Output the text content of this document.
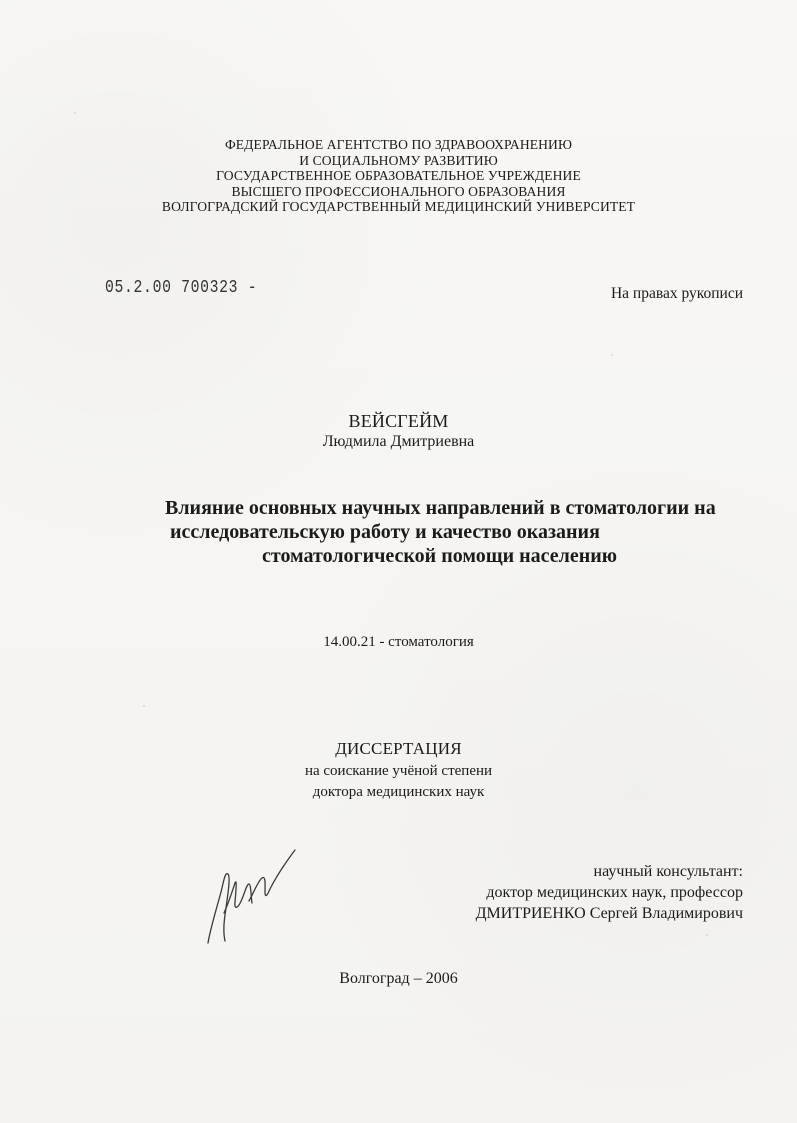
ФЕДЕРАЛЬНОЕ АГЕНТСТВО ПО ЗДРАВООХРАНЕНИЮ
И СОЦИАЛЬНОМУ РАЗВИТИЮ
ГОСУДАРСТВЕННОЕ ОБРАЗОВАТЕЛЬНОЕ УЧРЕЖДЕНИЕ
ВЫСШЕГО ПРОФЕССИОНАЛЬНОГО ОБРАЗОВАНИЯ
ВОЛГОГРАДСКИЙ ГОСУДАРСТВЕННЫЙ МЕДИЦИНСКИЙ УНИВЕРСИТЕТ
05.2.00 700323 -	На правах рукописи
ВЕЙСГЕЙМ
Людмила Дмитриевна
Влияние основных научных направлений в стоматологии на
исследовательскую работу и качество оказания
стоматологической помощи населению
14.00.21 - стоматология
ДИССЕРТАЦИЯ
на соискание учёной степени
доктора медицинских наук
научный консультант:
доктор медицинских наук, профессор
ДМИТРИЕНКО Сергей Владимирович
Волгоград – 2006
